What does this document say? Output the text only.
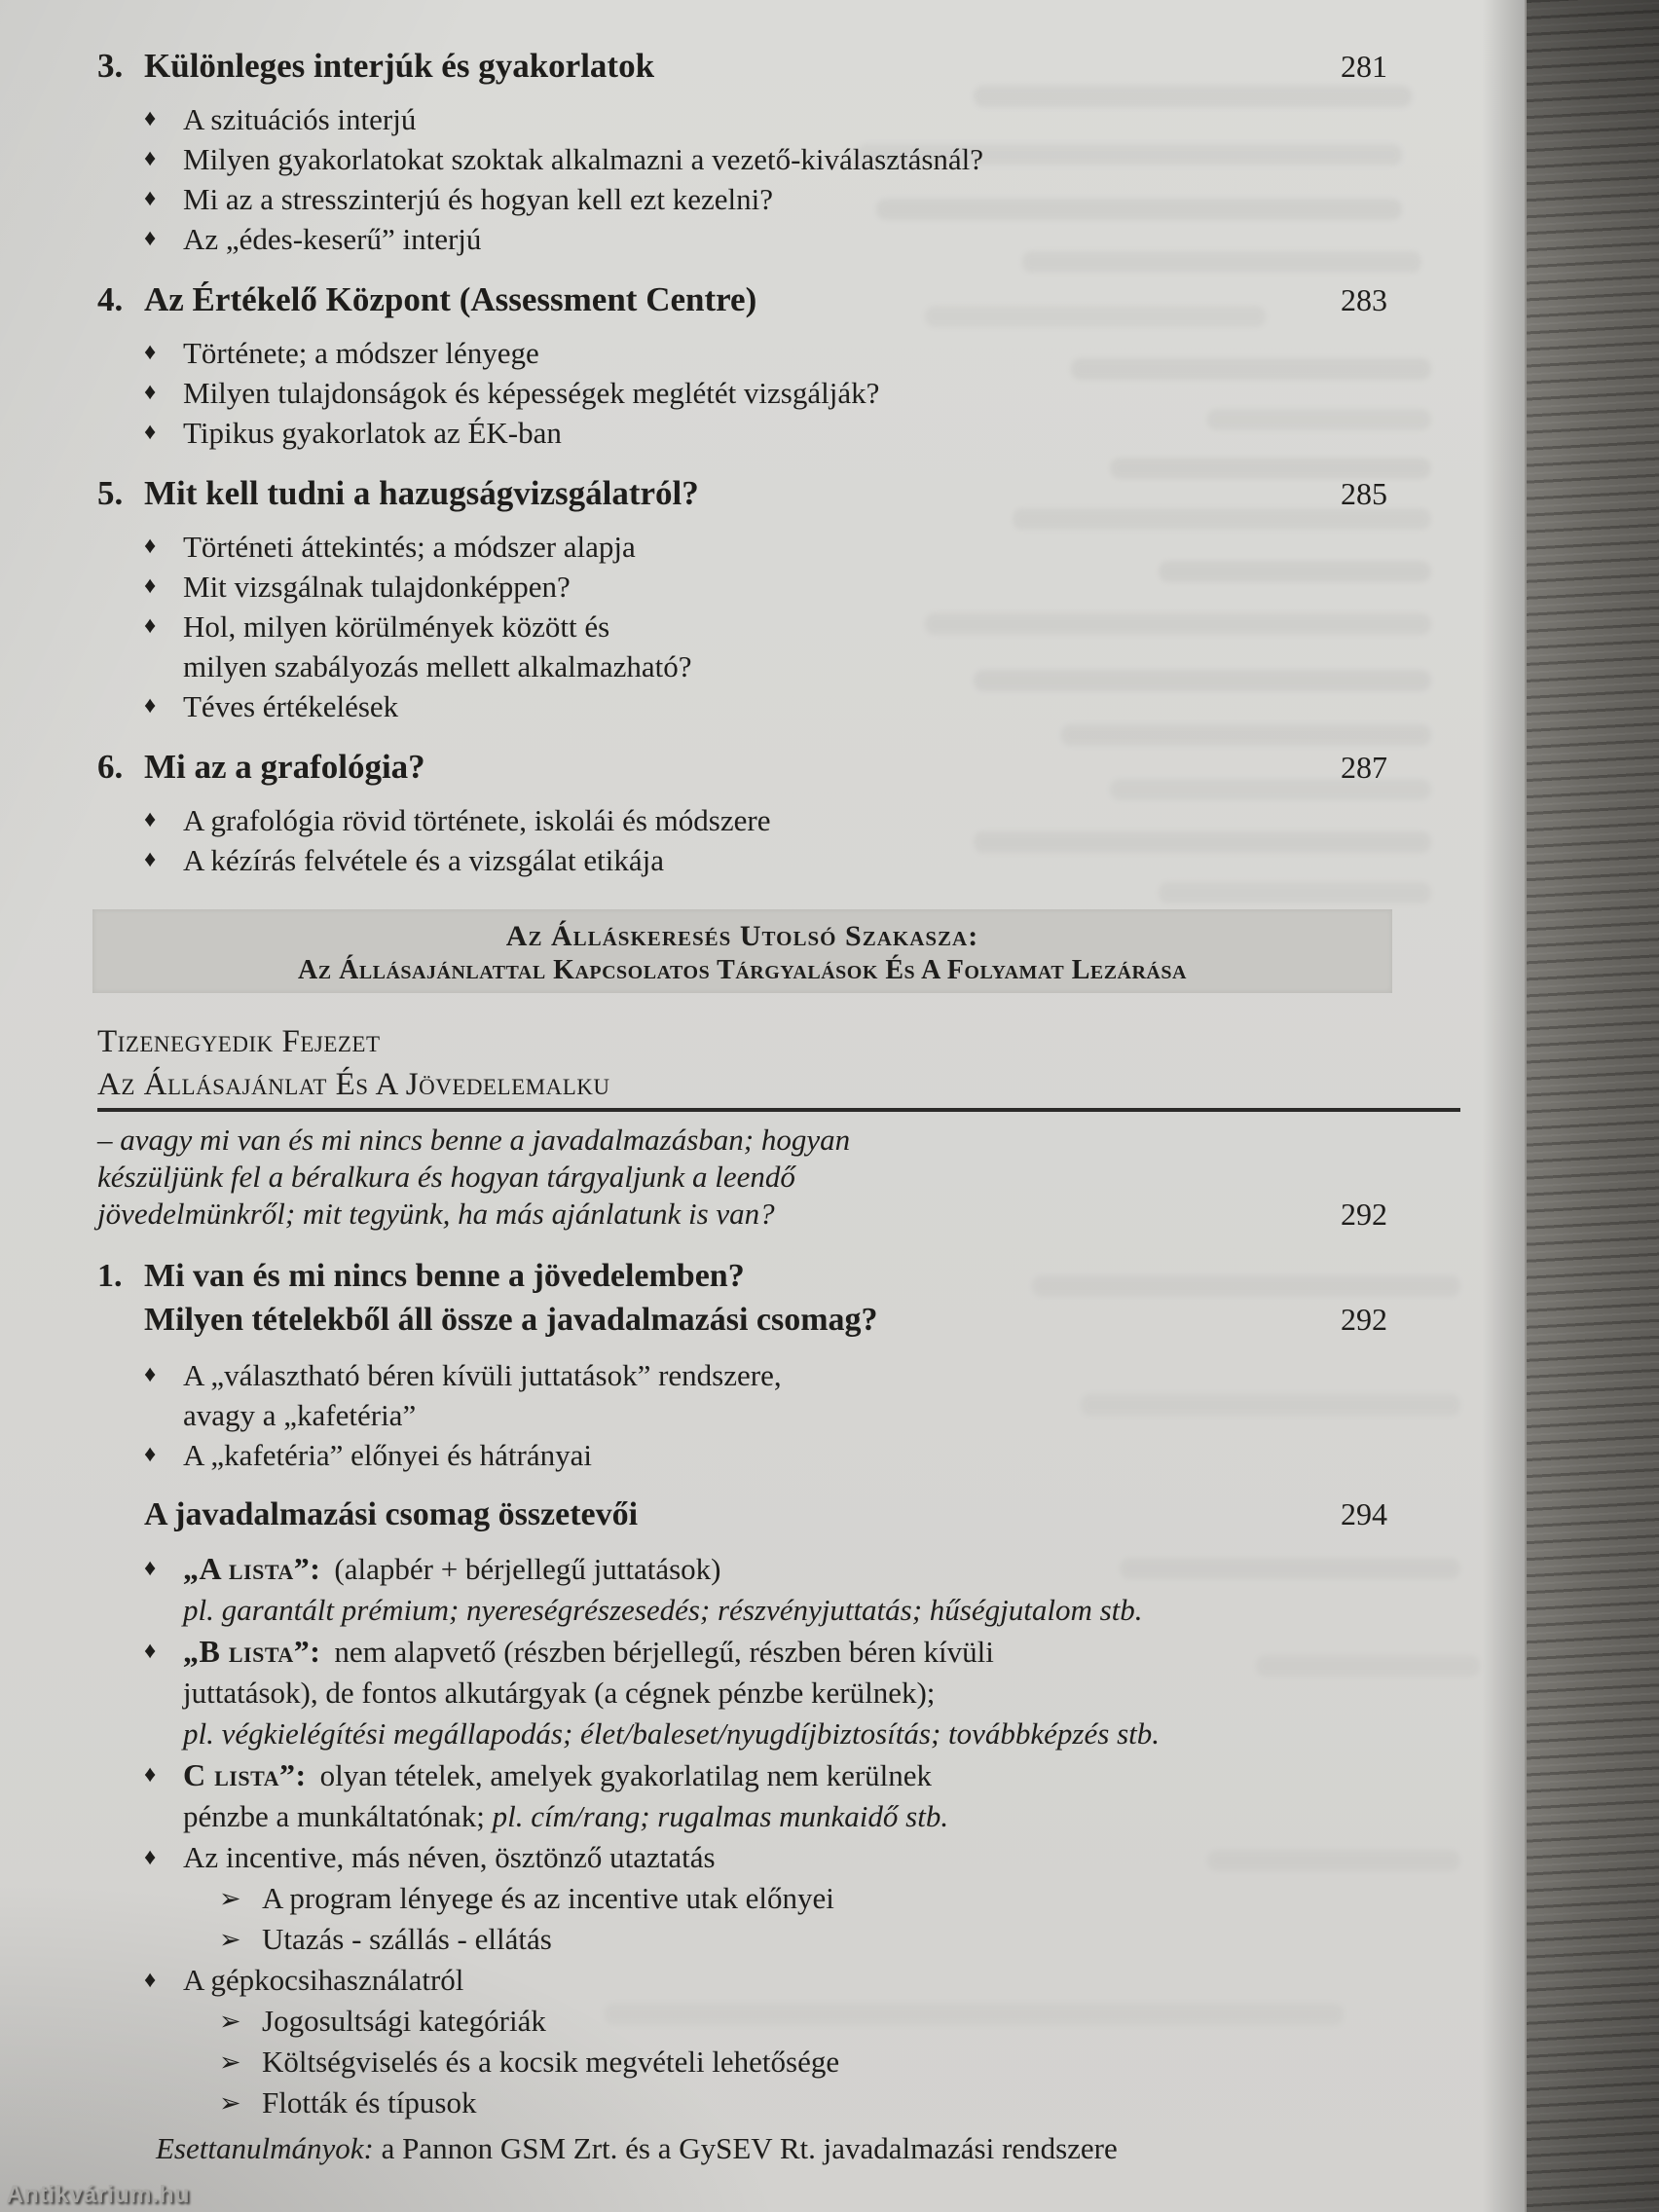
3. Különleges interjúk és gyakorlatok	281
♦ A szituációs interjú
♦ Milyen gyakorlatokat szoktak alkalmazni a vezető-kiválasztásnál?
♦ Mi az a stresszinterjú és hogyan kell ezt kezelni?
♦ Az „édes-keserű” interjú
4. Az Értékelő Központ (Assessment Centre)	283
♦ Története; a módszer lényege
♦ Milyen tulajdonságok és képességek meglétét vizsgálják?
♦ Tipikus gyakorlatok az ÉK-ban
5. Mit kell tudni a hazugságvizsgálatról?	285
♦ Történeti áttekintés; a módszer alapja
♦ Mit vizsgálnak tulajdonképpen?
♦ Hol, milyen körülmények között és
milyen szabályozás mellett alkalmazható?
♦ Téves értékelések
6. Mi az a grafológia?	287
♦ A grafológia rövid története, iskolái és módszere
♦ A kézírás felvétele és a vizsgálat etikája
Az Álláskeresés Utolsó Szakasza:
Az Állásajánlattal Kapcsolatos Tárgyalások És A Folyamat Lezárása
Tizenegyedik Fejezet
Az Állásajánlat És A Jövedelemalku
– avagy mi van és mi nincs benne a javadalmazásban; hogyan
készüljünk fel a béralkura és hogyan tárgyaljunk a leendő
jövedelmünkről; mit tegyünk, ha más ajánlatunk is van?	292
1. Mi van és mi nincs benne a jövedelemben?
Milyen tételekből áll össze a javadalmazási csomag?	292
♦ A „választható béren kívüli juttatások” rendszere,
avagy a „kafetéria”
♦ A „kafetéria” előnyei és hátrányai
A javadalmazási csomag összetevői	294
♦ „A lista”: (alapbér + bérjellegű juttatások)
pl. garantált prémium; nyereségrészesedés; részvényjuttatás; hűségjutalom stb.
♦ „B lista”: nem alapvető (részben bérjellegű, részben béren kívüli
juttatások), de fontos alkutárgyak (a cégnek pénzbe kerülnek);
pl. végkielégítési megállapodás; élet/baleset/nyugdíjbiztosítás; továbbképzés stb.
♦ C lista”: olyan tételek, amelyek gyakorlatilag nem kerülnek
pénzbe a munkáltatónak; pl. cím/rang; rugalmas munkaidő stb.
♦ Az incentive, más néven, ösztönző utaztatás
➢ A program lényege és az incentive utak előnyei
➢ Utazás - szállás - ellátás
♦ A gépkocsihasználatról
➢ Jogosultsági kategóriák
➢ Költségviselés és a kocsik megvételi lehetősége
➢ Flották és típusok
Esettanulmányok: a Pannon GSM Zrt. és a GySEV Rt. javadalmazási rendszere
Antikvárium.hu
